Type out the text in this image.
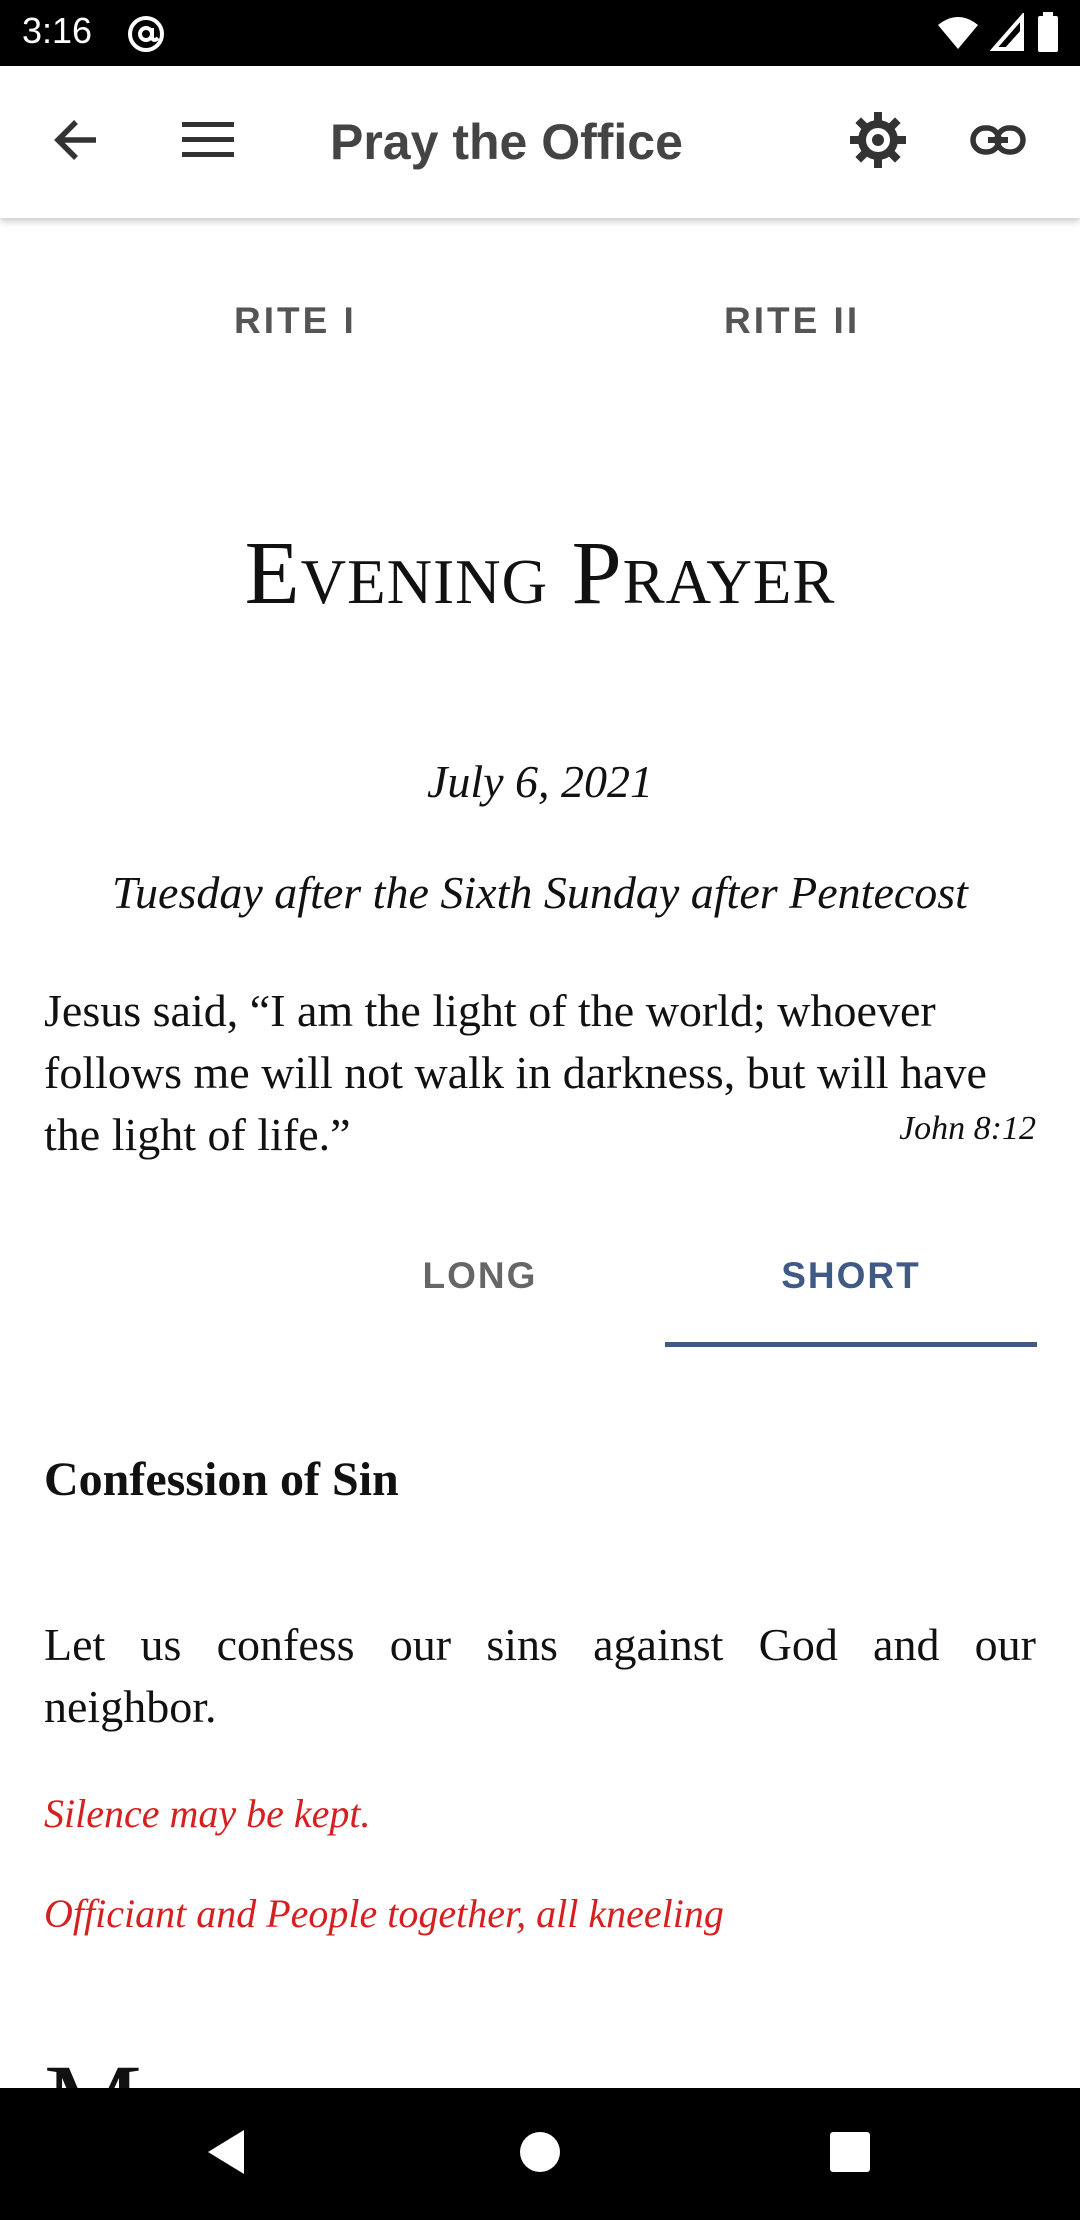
3:16
Pray the Office
RITE I	RITE II
Evening Prayer
July 6, 2021
Tuesday after the Sixth Sunday after Pentecost
Jesus said, “I am the light of the world; whoever follows me will not walk in darkness, but will have the light of life.”	John 8:12
LONG	SHORT
Confession of Sin
Let us confess our sins against God and our neighbor.
Silence may be kept.
Officiant and People together, all kneeling
